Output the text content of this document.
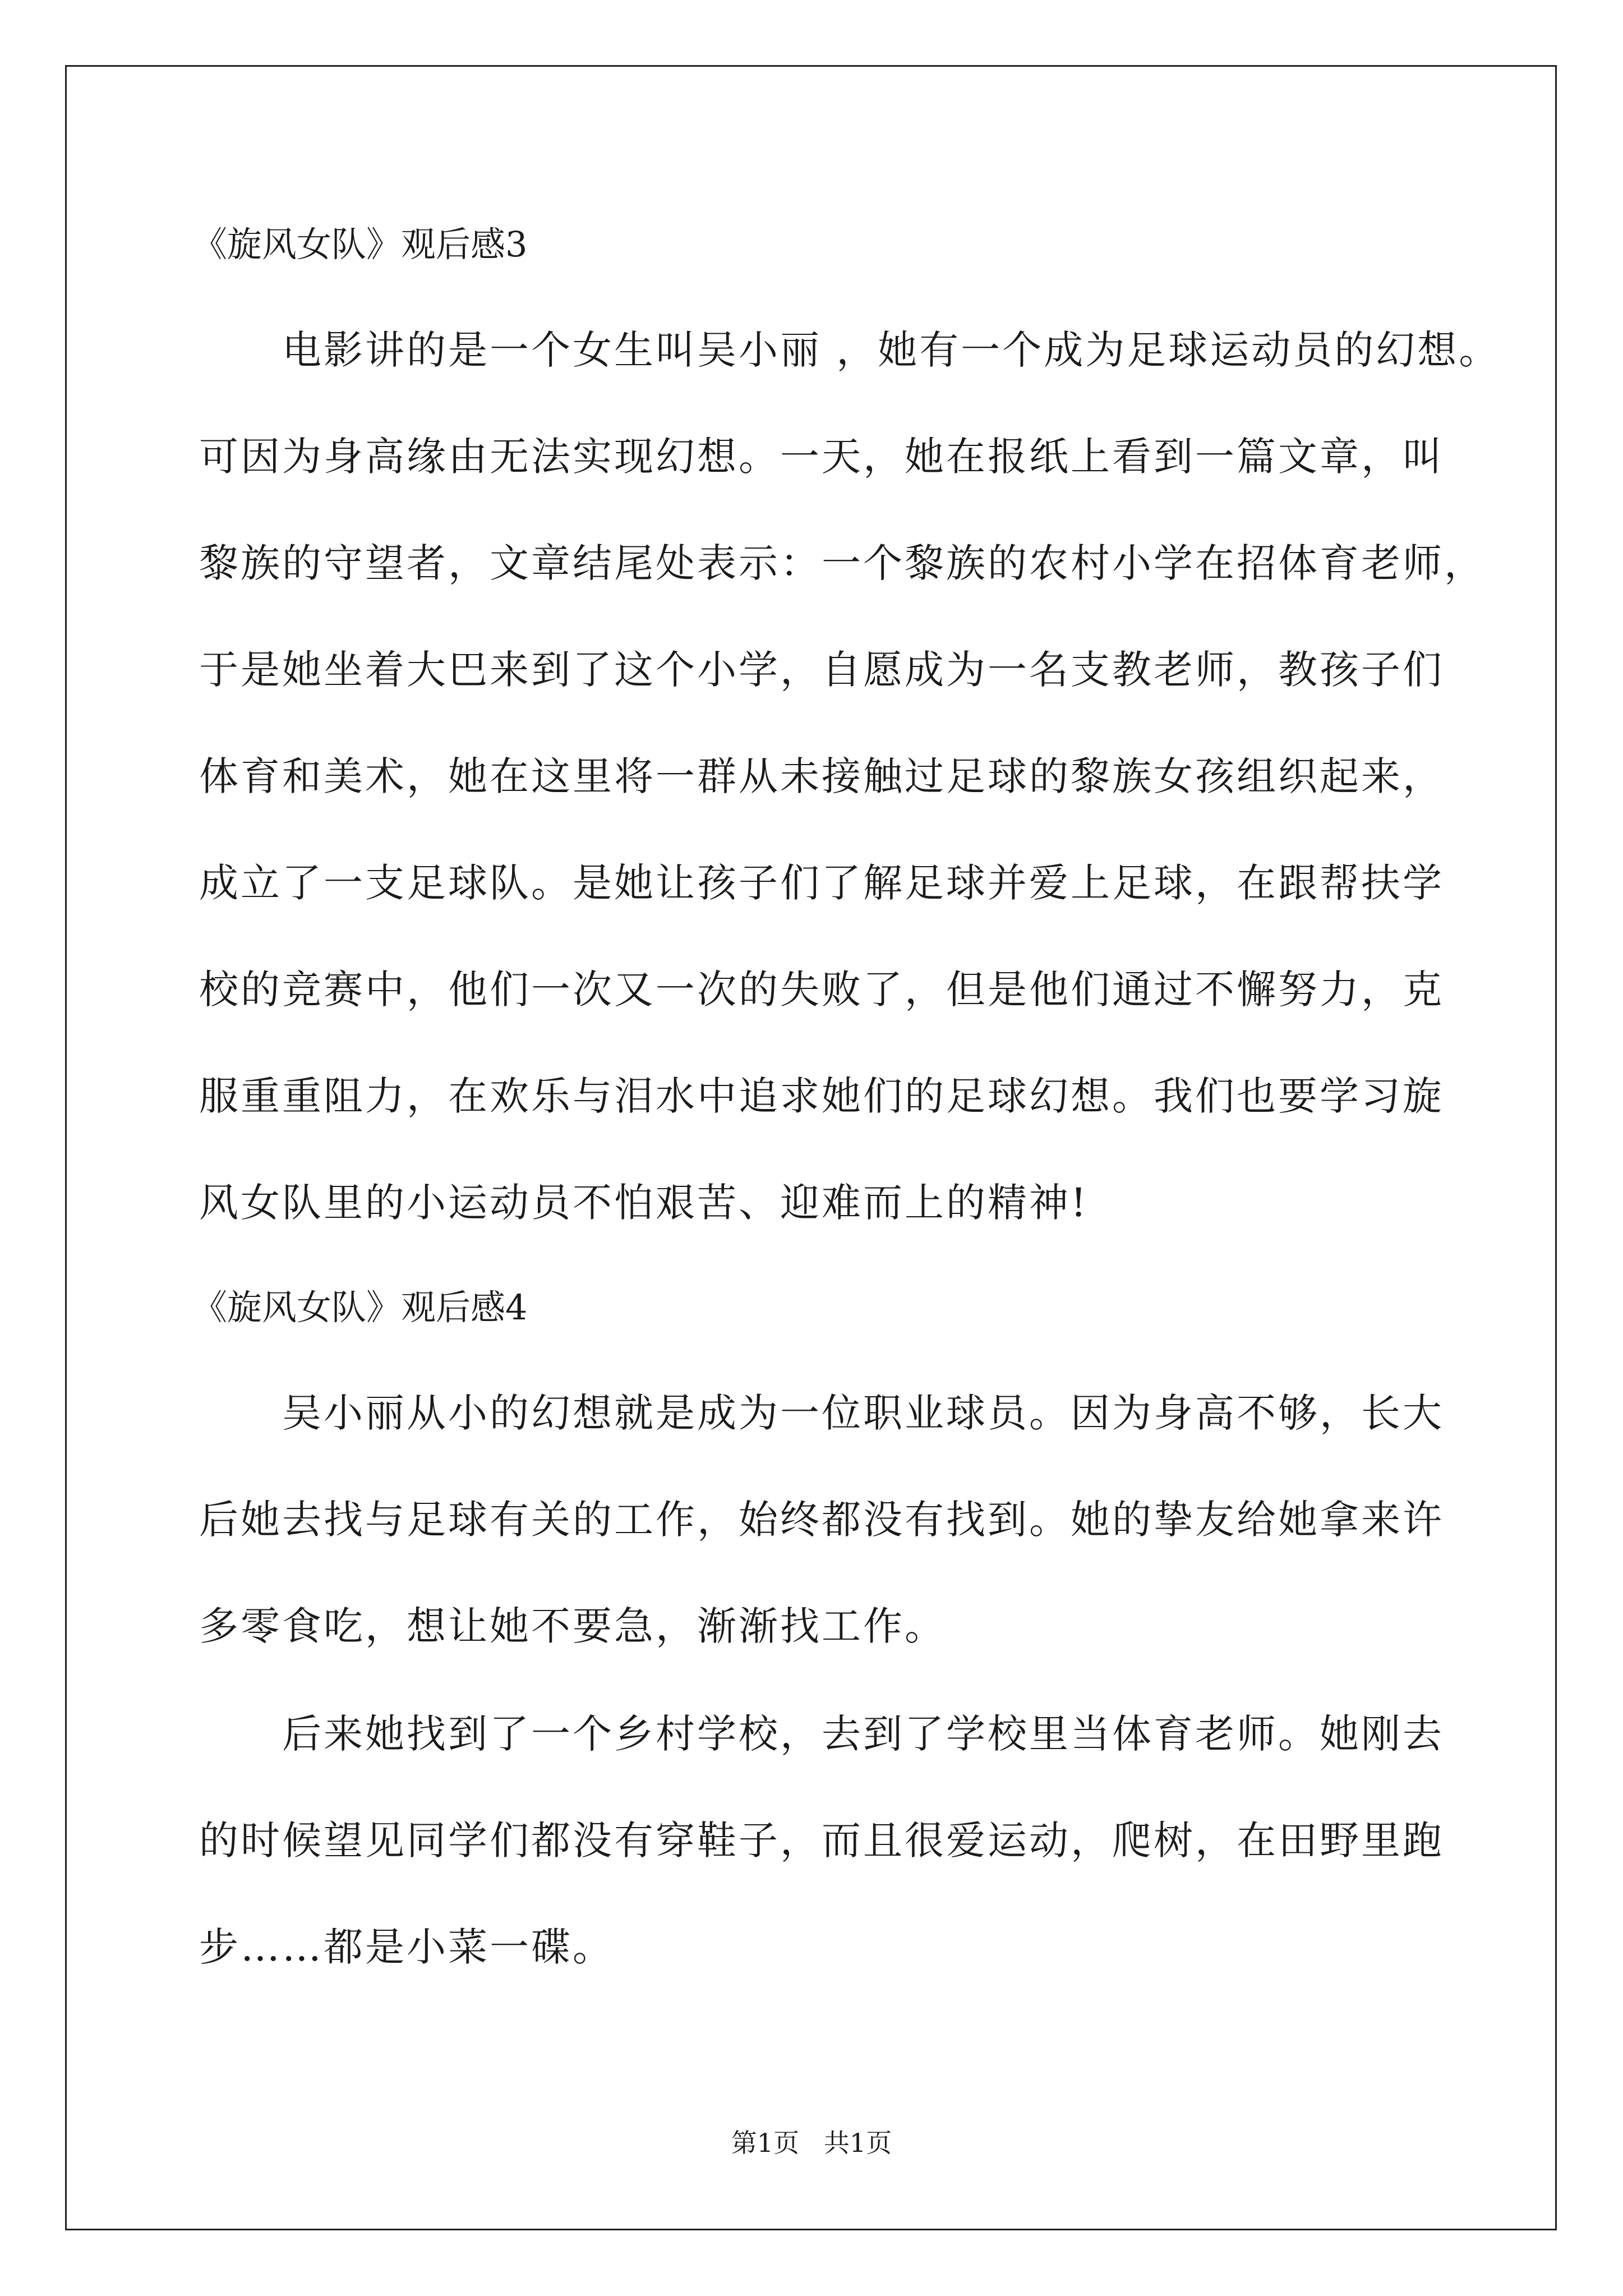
《旋风女队》观后感3
电影讲的是一个女生叫吴小丽 ，她有一个成为足球运动员的幻想。
可因为身高缘由无法实现幻想。一天，她在报纸上看到一篇文章，叫
黎族的守望者，文章结尾处表示：一个黎族的农村小学在招体育老师，
于是她坐着大巴来到了这个小学，自愿成为一名支教老师，教孩子们
体育和美术，她在这里将一群从未接触过足球的黎族女孩组织起来，
成立了一支足球队。是她让孩子们了解足球并爱上足球，在跟帮扶学
校的竞赛中，他们一次又一次的失败了，但是他们通过不懈努力，克
服重重阻力，在欢乐与泪水中追求她们的足球幻想。我们也要学习旋
风女队里的小运动员不怕艰苦、迎难而上的精神!
《旋风女队》观后感4
吴小丽从小的幻想就是成为一位职业球员。因为身高不够，长大
后她去找与足球有关的工作，始终都没有找到。她的挚友给她拿来许
多零食吃，想让她不要急，渐渐找工作。
后来她找到了一个乡村学校，去到了学校里当体育老师。她刚去
的时候望见同学们都没有穿鞋子，而且很爱运动，爬树，在田野里跑
步……都是小菜一碟。
第1页   共1页
